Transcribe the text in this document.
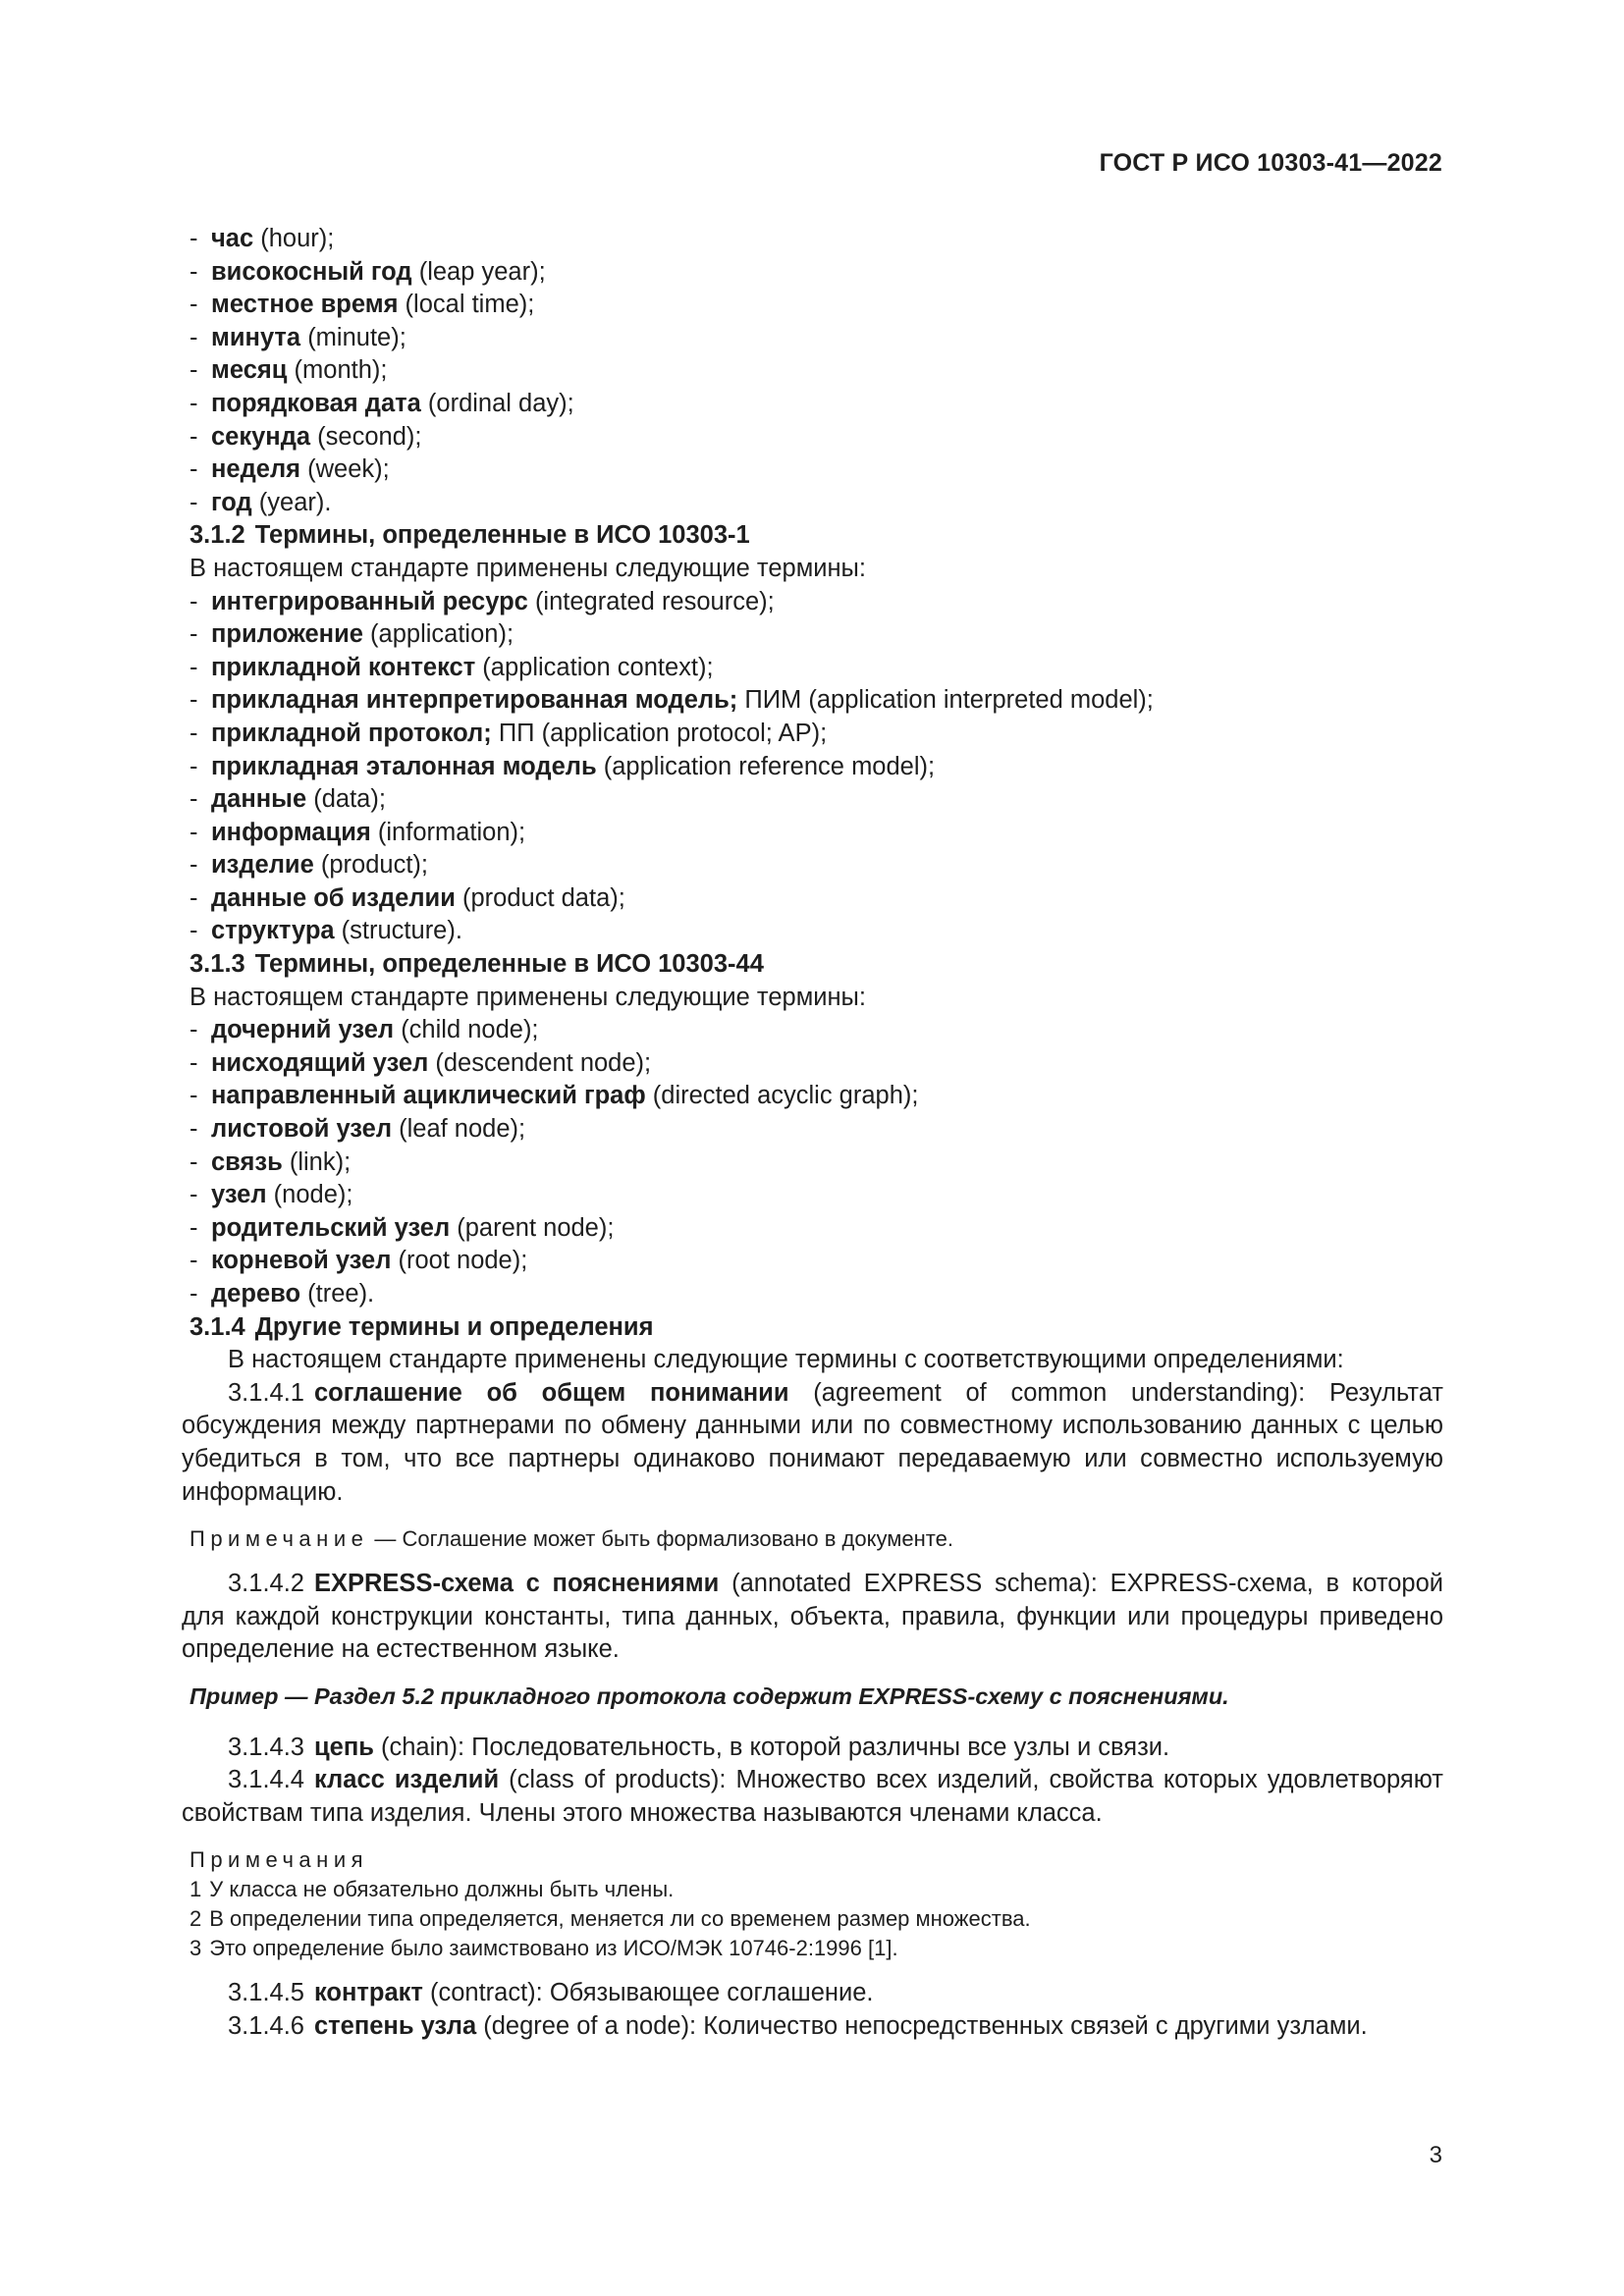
ГОСТ Р ИСО 10303-41—2022

- час (hour);

- високосный год (leap year);

- местное время (local time);

- минута (minute);

- месяц (month);

- порядковая дата (ordinal day);

- секунда (second);

- неделя (week);

- год (year).

3.1.2 Термины, определенные в ИСО 10303-1

В настоящем стандарте применены следующие термины:

- интегрированный ресурс (integrated resource);

- приложение (application);

- прикладной контекст (application context);

- прикладная интерпретированная модель; ПИМ (application interpreted model);

- прикладной протокол; ПП (application protocol; AP);

- прикладная эталонная модель (application reference model);

- данные (data);

- информация (information);

- изделие (product);

- данные об изделии (product data);

- структура (structure).

3.1.3 Термины, определенные в ИСО 10303-44

В настоящем стандарте применены следующие термины:

- дочерний узел (child node);

- нисходящий узел (descendent node);

- направленный ациклический граф (directed acyclic graph);

- листовой узел (leaf node);

- связь (link);

- узел (node);

- родительский узел (parent node);

- корневой узел (root node);

- дерево (tree).

3.1.4 Другие термины и определения

В настоящем стандарте применены следующие термины с соответствующими определениями:

3.1.4.1 соглашение об общем понимании (agreement of common understanding): Результат обсуждения между партнерами по обмену данными или по совместному использованию данных с целью убедиться в том, что все партнеры одинаково понимают передаваемую или совместно используемую информацию.

Примечание — Соглашение может быть формализовано в документе.

3.1.4.2 EXPRESS-схема с пояснениями (annotated EXPRESS schema): EXPRESS-схема, в которой для каждой конструкции константы, типа данных, объекта, правила, функции или процедуры приведено определение на естественном языке.

Пример — Раздел 5.2 прикладного протокола содержит EXPRESS-схему с пояснениями.

3.1.4.3 цепь (chain): Последовательность, в которой различны все узлы и связи.

3.1.4.4 класс изделий (class of products): Множество всех изделий, свойства которых удовлетворяют свойствам типа изделия. Члены этого множества называются членами класса.

Примечания
1 У класса не обязательно должны быть члены.
2 В определении типа определяется, меняется ли со временем размер множества.
3 Это определение было заимствовано из ИСО/МЭК 10746-2:1996 [1].

3.1.4.5 контракт (contract): Обязывающее соглашение.

3.1.4.6 степень узла (degree of a node): Количество непосредственных связей с другими узлами.

3
